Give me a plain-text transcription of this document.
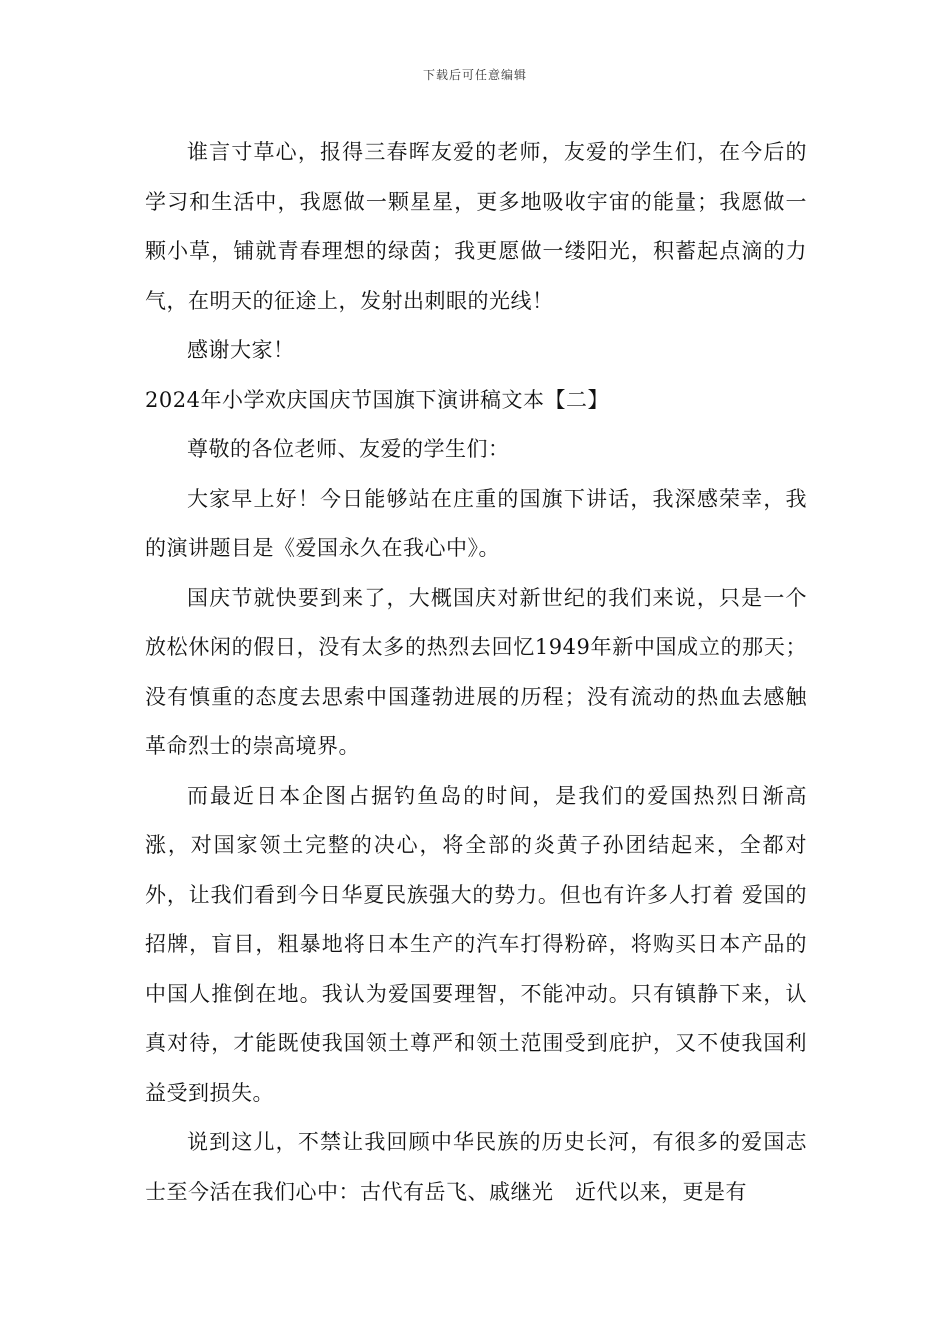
下载后可任意编辑

谁言寸草心，报得三春晖友爱的老师，友爱的学生们，在今后的学习和生活中，我愿做一颗星星，更多地吸收宇宙的能量；我愿做一颗小草，铺就青春理想的绿茵；我更愿做一缕阳光，积蓄起点滴的力气，在明天的征途上，发射出刺眼的光线！

感谢大家！

2024年小学欢庆国庆节国旗下演讲稿文本【二】

尊敬的各位老师、友爱的学生们：

大家早上好！今日能够站在庄重的国旗下讲话，我深感荣幸，我的演讲题目是《爱国永久在我心中》。

国庆节就快要到来了，大概国庆对新世纪的我们来说，只是一个放松休闲的假日，没有太多的热烈去回忆1949年新中国成立的那天；没有慎重的态度去思索中国蓬勃进展的历程；没有流动的热血去感触革命烈士的崇高境界。

而最近日本企图占据钓鱼岛的时间，是我们的爱国热烈日渐高涨，对国家领土完整的决心，将全部的炎黄子孙团结起来，全都对外，让我们看到今日华夏民族强大的势力。但也有许多人打着 爱国的招牌，盲目，粗暴地将日本生产的汽车打得粉碎，将购买日本产品的中国人推倒在地。我认为爱国要理智，不能冲动。只有镇静下来，认真对待，才能既使我国领土尊严和领土范围受到庇护，又不使我国利益受到损失。

说到这儿，不禁让我回顾中华民族的历史长河，有很多的爱国志士至今活在我们心中：古代有岳飞、戚继光　近代以来，更是有
